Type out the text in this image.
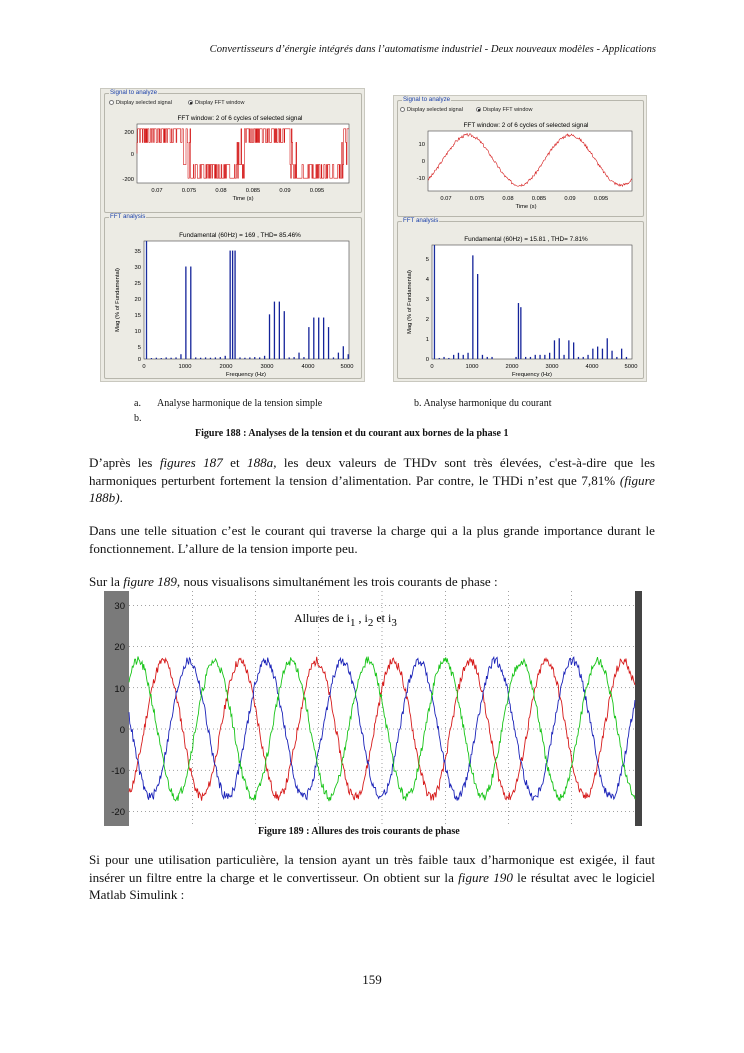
Convertisseurs d’énergie intégrés dans l’automatisme industriel - Deux nouveaux modèles - Applications
Signal to analyze
Display selected signal	Display FFT window
FFT analysis
FFT window: 2 of 6 cycles of selected signal
200
0
-200
0.07	0.075	0.08	0.085	0.09	0.095
Time (s)
Fundamental (60Hz) = 169 , THD= 85.46%
35
30
25
20
15
10
5
0
0	1000	2000	3000	4000	5000
Frequency (Hz)
Mag (% of Fundamental)
Signal to analyze
Display selected signal	Display FFT window
FFT analysis
FFT window: 2 of 6 cycles of selected signal
10
0
-10
0.07	0.075	0.08	0.085	0.09	0.095
Time (s)
Fundamental (60Hz) = 15.81 , THD= 7.81%
5
4
3
2
1
0
0	1000	2000	3000	4000	5000
Frequency (Hz)
Mag (% of Fundamental)
a. Analyse harmonique de la tension simple	b. Analyse harmonique du courant
b.
Figure 188 : Analyses de la tension et du courant aux bornes de la phase 1
D’après les figures 187 et 188a, les deux valeurs de THDv sont très élevées, c'est-à-dire que les harmoniques perturbent fortement la tension d’alimentation. Par contre, le THDi n’est que 7,81% (figure 188b).
Dans une telle situation c’est le courant qui traverse la charge qui a la plus grande importance durant le fonctionnement. L’allure de la tension importe peu.
Sur la figure 189, nous visualisons simultanément les trois courants de phase :
30
20
10
0
-10
-20
Allures de i1 , i2 et i3
Figure 189 : Allures des trois courants de phase
Si pour une utilisation particulière, la tension ayant un très faible taux d’harmonique est exigée, il faut insérer un filtre entre la charge et le convertisseur. On obtient sur la figure 190 le résultat avec le logiciel Matlab Simulink :
159
